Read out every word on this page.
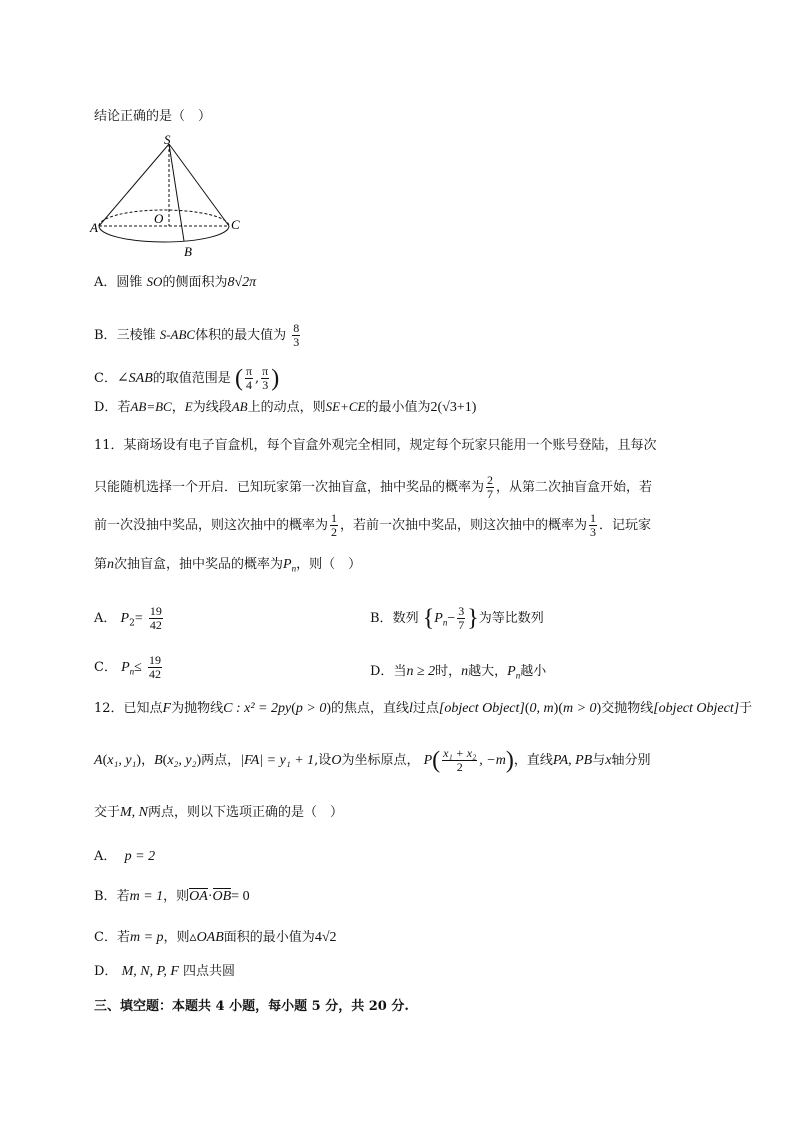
结论正确的是（　）
S
O
A
B
C
A．圆锥 SO的侧面积为8√2π
B．三棱锥 S-ABC体积的最大值为 $\frac{8}{3}$
C．∠SAB的取值范围是 ( $\frac{\pi}{4}$ , $\frac{\pi}{3}$ )
D．若AB=BC，E为线段AB上的动点，则SE+CE的最小值为2(√3+1)
11．某商场设有电子盲盒机，每个盲盒外观完全相同，规定每个玩家只能用一个账号登陆，且每次
只能随机选择一个开启．已知玩家第一次抽盲盒，抽中奖品的概率为 $\frac{2}{7}$ ，从第二次抽盲盒开始，若
前一次没抽中奖品，则这次抽中的概率为 $\frac{1}{2}$ ，若前一次抽中奖品，则这次抽中的概率为 $\frac{1}{3}$ ．记玩家
第n次抽盲盒，抽中奖品的概率为$P_n$，则（　）
A． $P_2= \frac{19}{42}$	B．数列 {$P_n- \frac{3}{7}$ }为等比数列
C． $P_n\le \frac{19}{42}$	D．当n ≥ 2时，n越大，$P_n$越小
12．已知点F为抛物线C : x² = 2py(p > 0)的焦点，直线l过点[object Object](0, m)(m > 0)交抛物线[object Object]于
A(x₁, y₁)，B(x₂, y₂)两点，|FA| = y₁ + 1,设O为坐标原点， $P( \frac{\text{x₁ + x₂}}{2}$ , −m)，直线PA, PB与x轴分别
交于M, N两点，则以下选项正确的是（　）
A． p = 2
B．若m = 1，则OA·OB= 0
C．若m = p，则▵OAB面积的最小值为4√2
D． M, N, P, F 四点共圆
三、填空题：本题共 4 小题，每小题 5 分，共 20 分.
